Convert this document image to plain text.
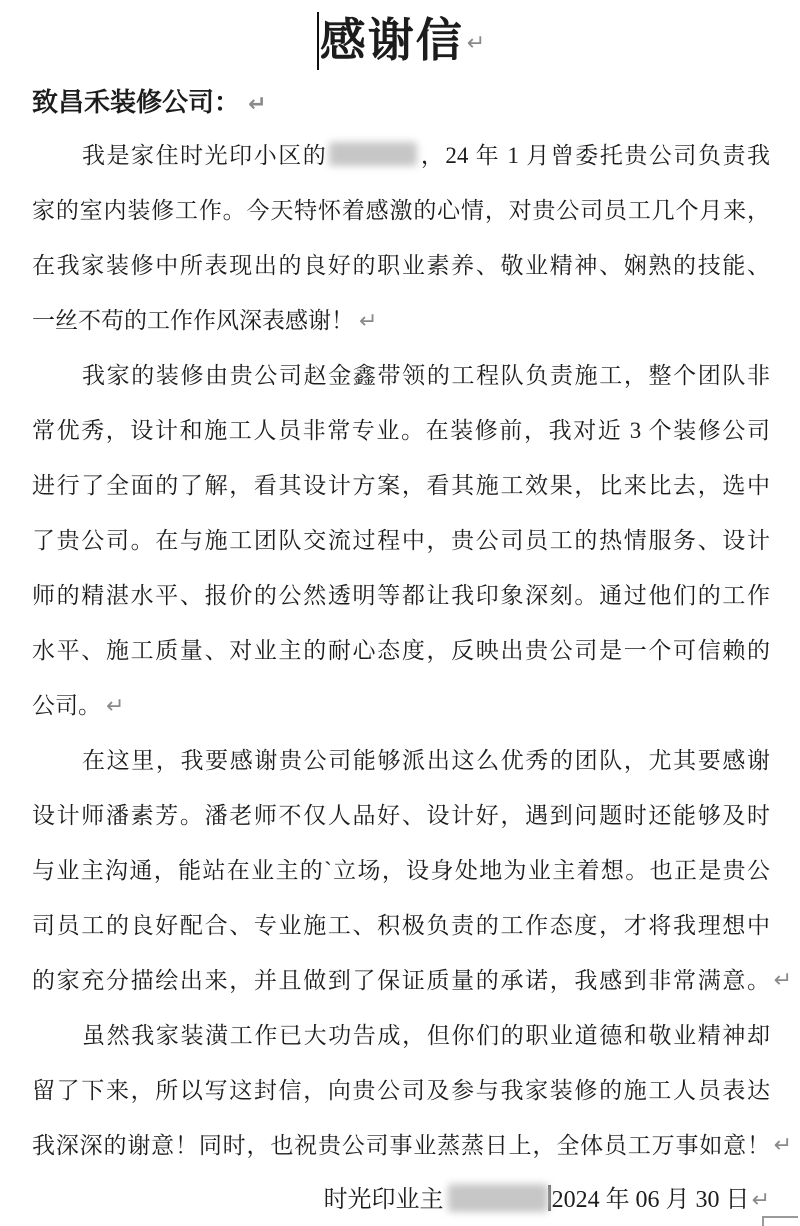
感谢信 ↵
致昌禾装修公司： ↵
我是家住时光印小区的	，24 年 1 月曾委托贵公司负责我
家的室内装修工作。今天特怀着感激的心情，对贵公司员工几个月来，
在我家装修中所表现出的良好的职业素养、敬业精神、娴熟的技能、
一丝不苟的工作作风深表感谢！ ↵
我家的装修由贵公司赵金鑫带领的工程队负责施工，整个团队非
常优秀，设计和施工人员非常专业。在装修前，我对近 3 个装修公司
进行了全面的了解，看其设计方案，看其施工效果，比来比去，选中
了贵公司。在与施工团队交流过程中，贵公司员工的热情服务、设计
师的精湛水平、报价的公然透明等都让我印象深刻。通过他们的工作
水平、施工质量、对业主的耐心态度，反映出贵公司是一个可信赖的
公司。 ↵
在这里，我要感谢贵公司能够派出这么优秀的团队，尤其要感谢
设计师潘素芳。潘老师不仅人品好、设计好，遇到问题时还能够及时
与业主沟通，能站在业主的`立场，设身处地为业主着想。也正是贵公
司员工的良好配合、专业施工、积极负责的工作态度，才将我理想中
的家充分描绘出来，并且做到了保证质量的承诺，我感到非常满意。 ↵
虽然我家装潢工作已大功告成，但你们的职业道德和敬业精神却
留了下来，所以写这封信，向贵公司及参与我家装修的施工人员表达
我深深的谢意！同时，也祝贵公司事业蒸蒸日上，全体员工万事如意！ ↵
时光印业主	2024 年 06 月 30 日↵
